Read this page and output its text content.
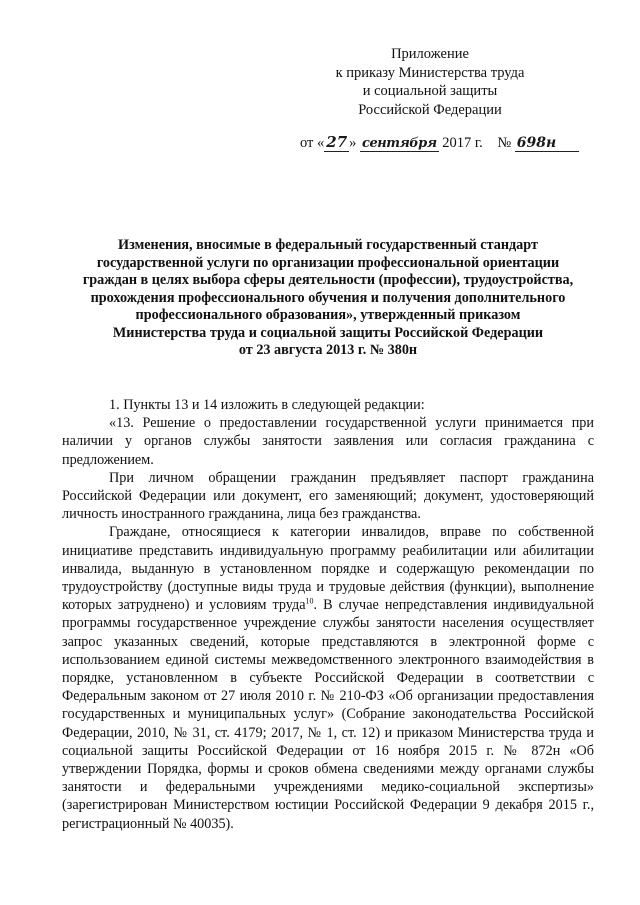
Приложение
к приказу Министерства труда
и социальной защиты
Российской Федерации
от « 27 » сентября 2017 г. № 698н
Изменения, вносимые в федеральный государственный стандарт
государственной услуги по организации профессиональной ориентации
граждан в целях выбора сферы деятельности (профессии), трудоустройства,
прохождения профессионального обучения и получения дополнительного
профессионального образования», утвержденный приказом
Министерства труда и социальной защиты Российской Федерации
от 23 августа 2013 г. № 380н

1. Пункты 13 и 14 изложить в следующей редакции:

«13. Решение о предоставлении государственной услуги принимается при наличии у органов службы занятости заявления или согласия гражданина с предложением.

При личном обращении гражданин предъявляет паспорт гражданина Российской Федерации или документ, его заменяющий; документ, удостоверяющий личность иностранного гражданина, лица без гражданства.

Граждане, относящиеся к категории инвалидов, вправе по собственной инициативе представить индивидуальную программу реабилитации или абилитации инвалида, выданную в установленном порядке и содержащую рекомендации по трудоустройству (доступные виды труда и трудовые действия (функции), выполнение которых затруднено) и условиям труда$^{10}$. В случае непредставления индивидуальной программы государственное учреждение службы занятости населения осуществляет запрос указанных сведений, которые представляются в электронной форме с использованием единой системы межведомственного электронного взаимодействия в порядке, установленном в субъекте Российской Федерации в соответствии с Федеральным законом от 27 июля 2010 г. № 210-ФЗ «Об организации предоставления государственных и муниципальных услуг» (Собрание законодательства Российской Федерации, 2010, № 31, ст. 4179; 2017, № 1, ст. 12) и приказом Министерства труда и социальной защиты Российской Федерации от 16 ноября 2015 г. № 872н «Об утверждении Порядка, формы и сроков обмена сведениями между органами службы занятости и федеральными учреждениями медико-социальной экспертизы» (зарегистрирован Министерством юстиции Российской Федерации 9 декабря 2015 г., регистрационный № 40035).
